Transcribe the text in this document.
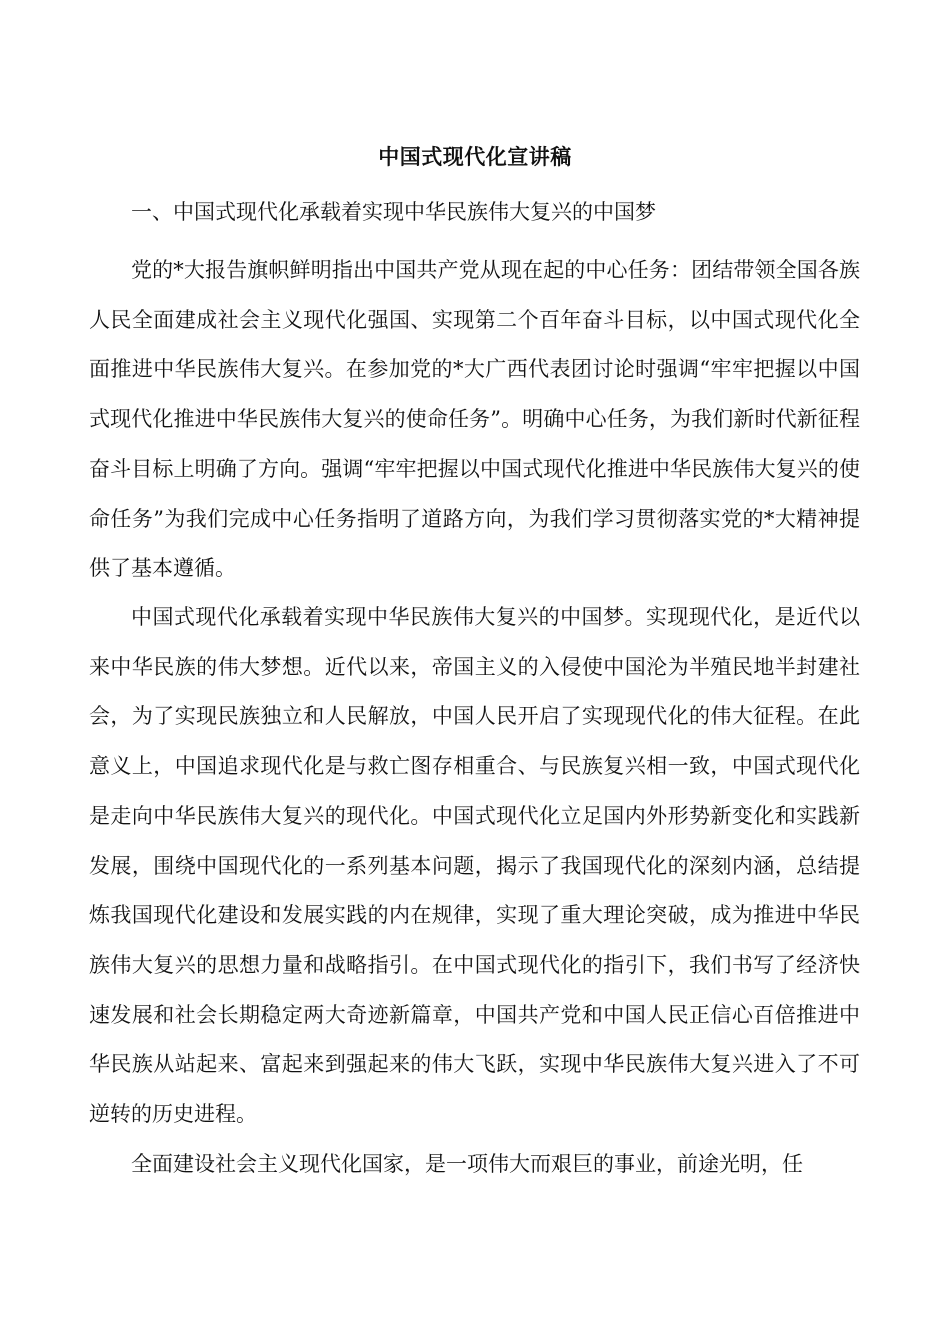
中国式现代化宣讲稿
一、中国式现代化承载着实现中华民族伟大复兴的中国梦

党的*大报告旗帜鲜明指出中国共产党从现在起的中心任务：团结带领全国各族人民全面建成社会主义现代化强国、实现第二个百年奋斗目标，以中国式现代化全面推进中华民族伟大复兴。在参加党的*大广西代表团讨论时强调“牢牢把握以中国式现代化推进中华民族伟大复兴的使命任务”。明确中心任务，为我们新时代新征程奋斗目标上明确了方向。强调“牢牢把握以中国式现代化推进中华民族伟大复兴的使命任务”为我们完成中心任务指明了道路方向，为我们学习贯彻落实党的*大精神提供了基本遵循。

中国式现代化承载着实现中华民族伟大复兴的中国梦。实现现代化，是近代以来中华民族的伟大梦想。近代以来，帝国主义的入侵使中国沦为半殖民地半封建社会，为了实现民族独立和人民解放，中国人民开启了实现现代化的伟大征程。在此意义上，中国追求现代化是与救亡图存相重合、与民族复兴相一致，中国式现代化是走向中华民族伟大复兴的现代化。中国式现代化立足国内外形势新变化和实践新发展，围绕中国现代化的一系列基本问题，揭示了我国现代化的深刻内涵，总结提炼我国现代化建设和发展实践的内在规律，实现了重大理论突破，成为推进中华民族伟大复兴的思想力量和战略指引。在中国式现代化的指引下，我们书写了经济快速发展和社会长期稳定两大奇迹新篇章，中国共产党和中国人民正信心百倍推进中华民族从站起来、富起来到强起来的伟大飞跃，实现中华民族伟大复兴进入了不可逆转的历史进程。

全面建设社会主义现代化国家，是一项伟大而艰巨的事业，前途光明，任
